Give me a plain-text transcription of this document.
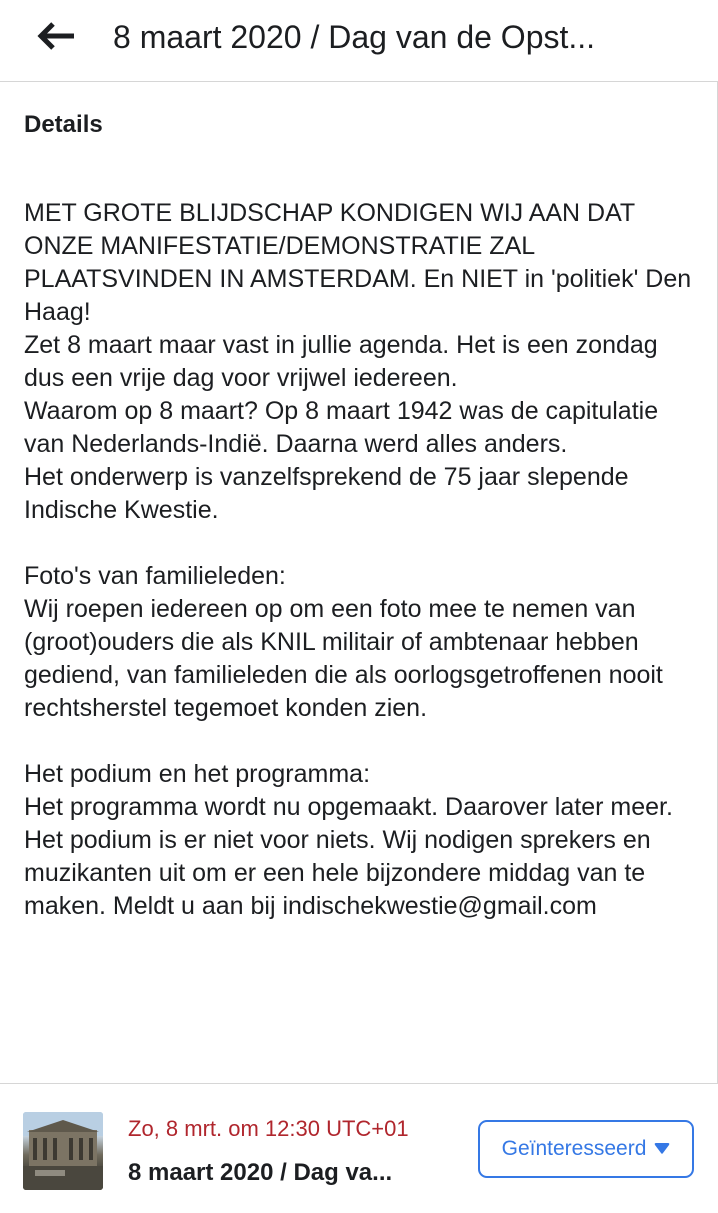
8 maart 2020 / Dag van de Opst...
Details

MET GROTE BLIJDSCHAP KONDIGEN WIJ AAN DAT ONZE MANIFESTATIE/DEMONSTRATIE ZAL PLAATSVINDEN IN AMSTERDAM. En NIET in 'politiek' Den Haag!

Zet 8 maart maar vast in jullie agenda. Het is een zondag dus een vrije dag voor vrijwel iedereen.

Waarom op 8 maart? Op 8 maart 1942 was de capitulatie van Nederlands-Indië. Daarna werd alles anders.

Het onderwerp is vanzelfsprekend de 75 jaar slepende Indische Kwestie.

Foto's van familieleden:

Wij roepen iedereen op om een foto mee te nemen van (groot)ouders die als KNIL militair of ambtenaar hebben gediend, van familieleden die als oorlogsgetroffenen nooit rechtsherstel tegemoet konden zien.

Het podium en het programma:

Het programma wordt nu opgemaakt. Daarover later meer.

Het podium is er niet voor niets. Wij nodigen sprekers en muzikanten uit om er een hele bijzondere middag van te maken. Meldt u aan bij indischekwestie@gmail.com

Zo, 8 mrt. om 12:30 UTC+01
8 maart 2020 / Dag va...
Geïnteresseerd
